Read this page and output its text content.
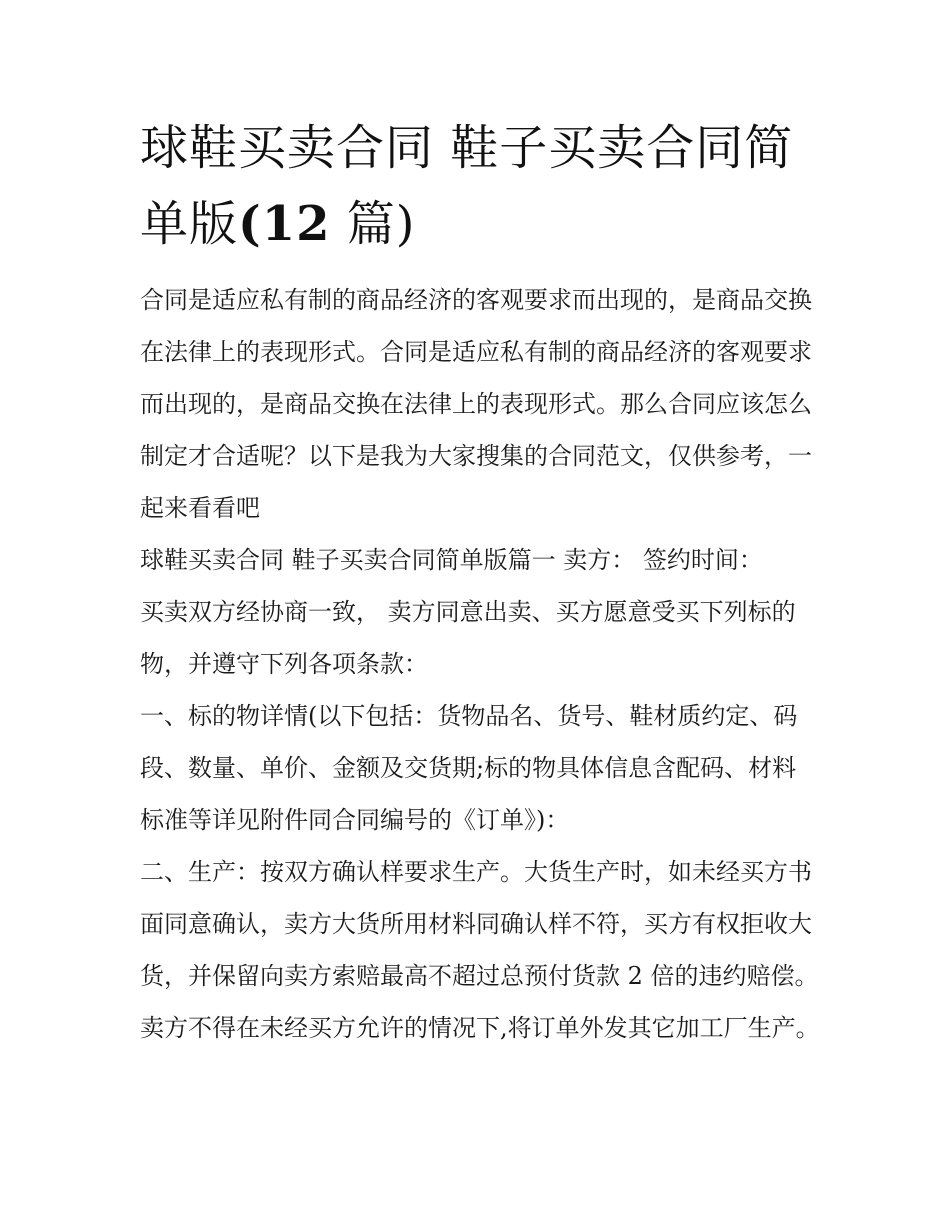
球鞋买卖合同 鞋子买卖合同简
单版(12 篇)

合同是适应私有制的商品经济的客观要求而出现的，是商品交换在法律上的表现形式。合同是适应私有制的商品经济的客观要求而出现的，是商品交换在法律上的表现形式。那么合同应该怎么制定才合适呢？以下是我为大家搜集的合同范文，仅供参考，一起来看看吧

球鞋买卖合同 鞋子买卖合同简单版篇一 卖方： 签约时间：

买卖双方经协商一致， 卖方同意出卖、买方愿意受买下列标的物，并遵守下列各项条款：

一、标的物详情(以下包括：货物品名、货号、鞋材质约定、码段、数量、单价、金额及交货期;标的物具体信息含配码、材料标准等详见附件同合同编号的《订单》)：

二、生产：按双方确认样要求生产。大货生产时，如未经买方书面同意确认，卖方大货所用材料同确认样不符，买方有权拒收大货，并保留向卖方索赔最高不超过总预付货款 2 倍的违约赔偿。卖方不得在未经买方允许的情况下,将订单外发其它加工厂生产。
